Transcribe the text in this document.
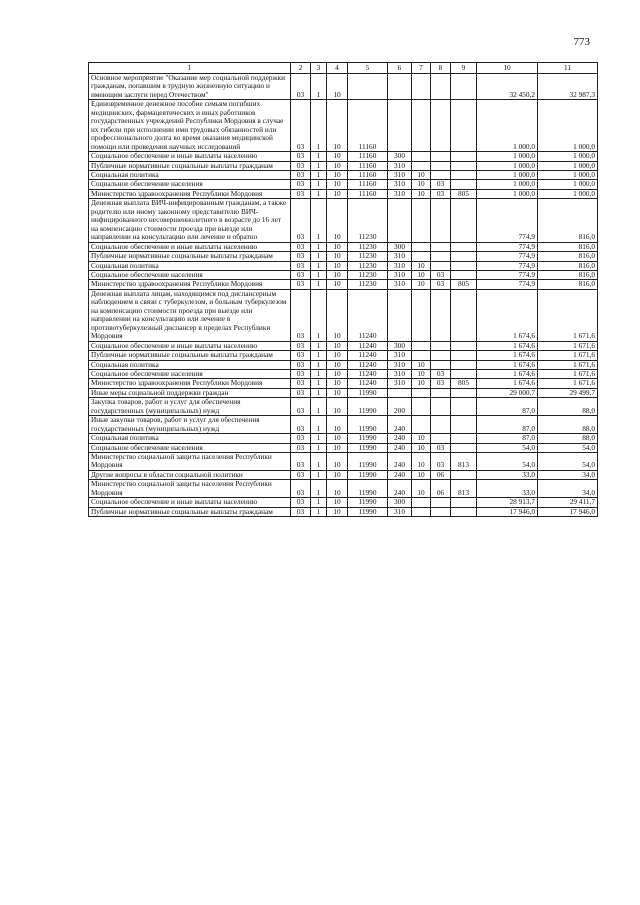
773
1	2	3	4	5	6	7	8	9	10	11
Основное мероприятие "Оказание мер социальной поддержки гражданам, попавшим в трудную жизненную ситуацию и имеющим заслуги перед Отечеством"	03	1	10						32 450,2	32 987,3
Единовременное денежное пособие семьям погибших медицинских, фармацевтических и иных работников государственных учреждений Республики Мордовия в случае их гибели при исполнении ими трудовых обязанностей или профессионального долга во время оказания медицинской помощи или проведения научных исследований	03	1	10	11160					1 000,0	1 000,0
Социальное обеспечение и иные выплаты населению	03	1	10	11160	300				1 000,0	1 000,0
Публичные нормативные социальные выплаты гражданам	03	1	10	11160	310				1 000,0	1 000,0
Социальная политика	03	1	10	11160	310	10			1 000,0	1 000,0
Социальное обеспечение населения	03	1	10	11160	310	10	03		1 000,0	1 000,0
Министерство здравоохранения Республики Мордовия	03	1	10	11160	310	10	03	805	1 000,0	1 000,0
Денежная выплата ВИЧ-инфицированным гражданам, а также родителю или иному законному представителю ВИЧ-инфицированного несовершеннолетнего в возрасте до 16 лет на компенсацию стоимости проезда при выезде или направлении на консультацию или лечение и обратно	03	1	10	11230					774,9	816,0
Социальное обеспечение и иные выплаты населению	03	1	10	11230	300				774,9	816,0
Публичные нормативные социальные выплаты гражданам	03	1	10	11230	310				774,9	816,0
Социальная политика	03	1	10	11230	310	10			774,9	816,0
Социальное обеспечение населения	03	1	10	11230	310	10	03		774,9	816,0
Министерство здравоохранения Республики Мордовия	03	1	10	11230	310	10	03	805	774,9	816,0
Денежная выплата лицам, находящимся под диспансерным наблюдением в связи с туберкулезом, и больным туберкулезом на компенсацию стоимости проезда при выезде или направлении на консультацию или лечение в противотуберкулезный диспансер в пределах Республики Мордовия	03	1	10	11240					1 674,6	1 671,6
Социальное обеспечение и иные выплаты населению	03	1	10	11240	300				1 674,6	1 671,6
Публичные нормативные социальные выплаты гражданам	03	1	10	11240	310				1 674,6	1 671,6
Социальная политика	03	1	10	11240	310	10			1 674,6	1 671,6
Социальное обеспечение населения	03	1	10	11240	310	10	03		1 674,6	1 671,6
Министерство здравоохранения Республики Мордовия	03	1	10	11240	310	10	03	805	1 674,6	1 671,6
Иные меры социальной поддержки граждан	03	1	10	11990					29 000,7	29 499,7
Закупка товаров, работ и услуг для обеспечения государственных (муниципальных) нужд	03	1	10	11990	200				87,0	88,0
Иные закупки товаров, работ и услуг для обеспечения государственных (муниципальных) нужд	03	1	10	11990	240				87,0	88,0
Социальная политика	03	1	10	11990	240	10			87,0	88,0
Социальное обеспечение населения	03	1	10	11990	240	10	03		54,0	54,0
Министерство социальной защиты населения Республики Мордовия	03	1	10	11990	240	10	03	813	54,0	54,0
Другие вопросы в области социальной политики	03	1	10	11990	240	10	06		33,0	34,0
Министерство социальной защиты населения Республики Мордовия	03	1	10	11990	240	10	06	813	33,0	34,0
Социальное обеспечение и иные выплаты населению	03	1	10	11990	300				28 913,7	29 411,7
Публичные нормативные социальные выплаты гражданам	03	1	10	11990	310				17 946,0	17 946,0
